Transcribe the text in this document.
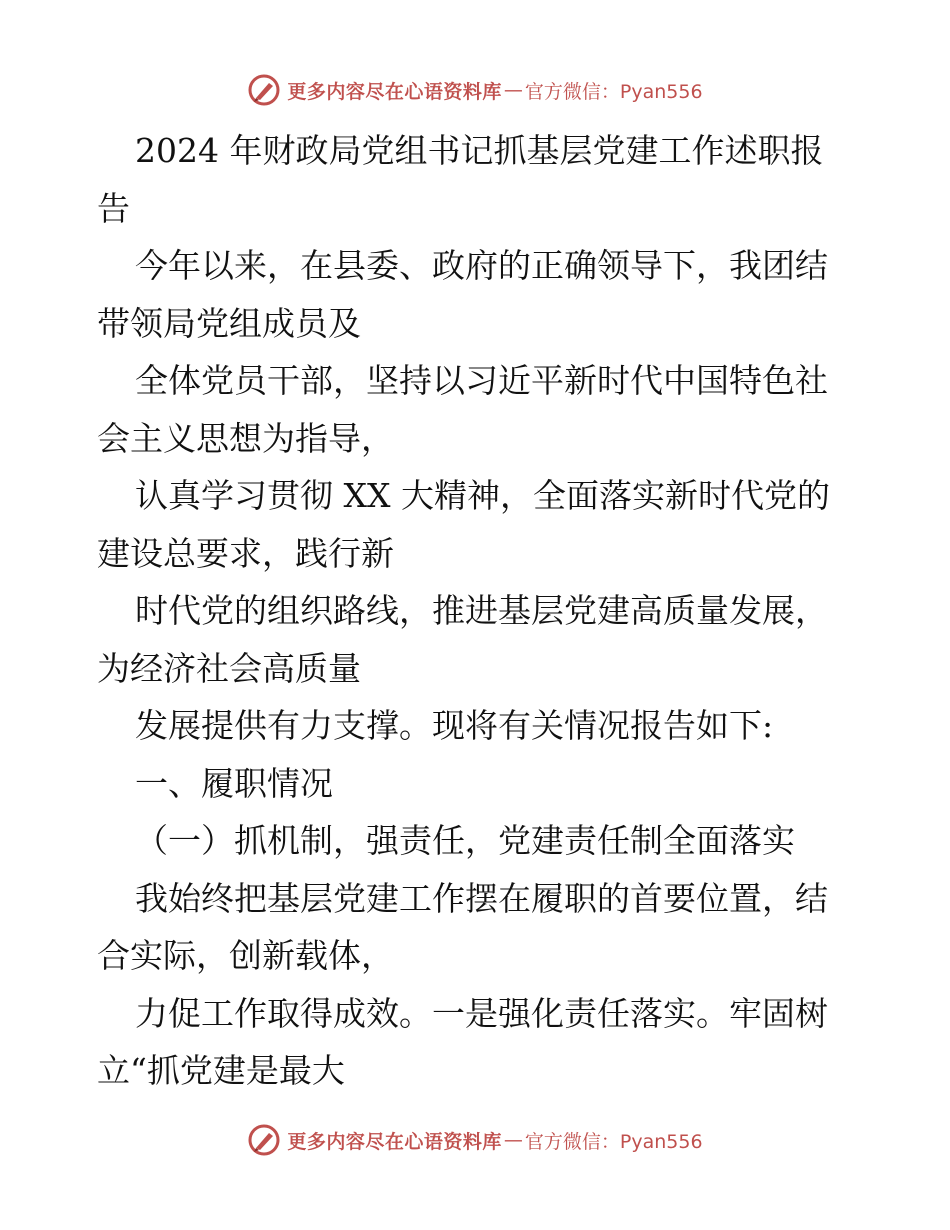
更多内容尽在心语资料库 — 官方微信：Pyan556
2024 年财政局党组书记抓基层党建工作述职报
告
今年以来，在县委、政府的正确领导下，我团结
带领局党组成员及
全体党员干部，坚持以习近平新时代中国特色社
会主义思想为指导，
认真学习贯彻 XX 大精神，全面落实新时代党的
建设总要求，践行新
时代党的组织路线，推进基层党建高质量发展，
为经济社会高质量
发展提供有力支撑。现将有关情况报告如下:
一、履职情况
（一）抓机制，强责任，党建责任制全面落实
我始终把基层党建工作摆在履职的首要位置，结
合实际，创新载体，
力促工作取得成效。一是强化责任落实。牢固树
立“抓党建是最大
更多内容尽在心语资料库 — 官方微信：Pyan556
